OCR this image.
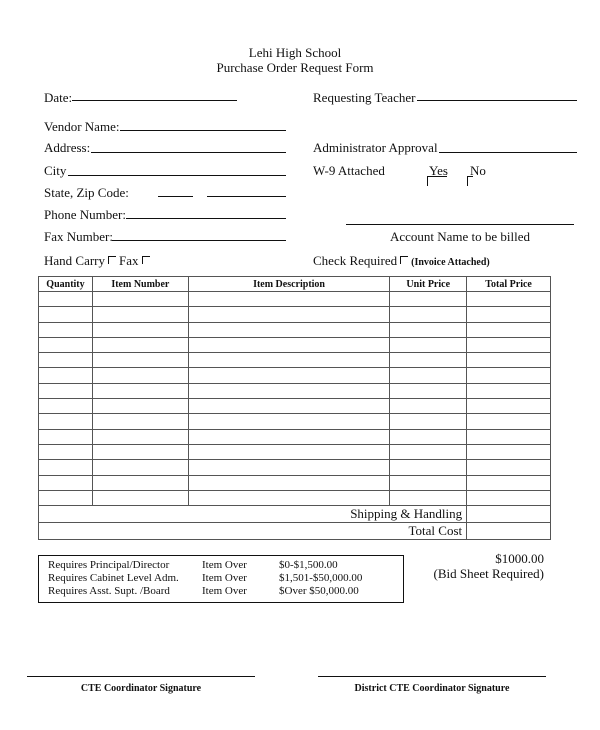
Lehi High School
Purchase Order Request Form
Date:
Vendor Name:
Address:
City
State, Zip Code:
Phone Number:
Fax Number:
Hand Carry Fax
Requesting Teacher
Administrator Approval
W-9 Attached	Yes No
Account Name to be billed
Check Required (Invoice Attached)
Quantity	Item Number	Item Description	Unit Price	Total Price

Shipping & Handling				
Total Cost				
Requires Principal/Director	Item Over	$0-$1,500.00
Requires Cabinet Level Adm. Item Over	$1,501-$50,000.00
Requires Asst. Supt. /Board	Item Over	$Over $50,000.00
$1000.00
(Bid Sheet Required)
CTE Coordinator Signature	District CTE Coordinator Signature
